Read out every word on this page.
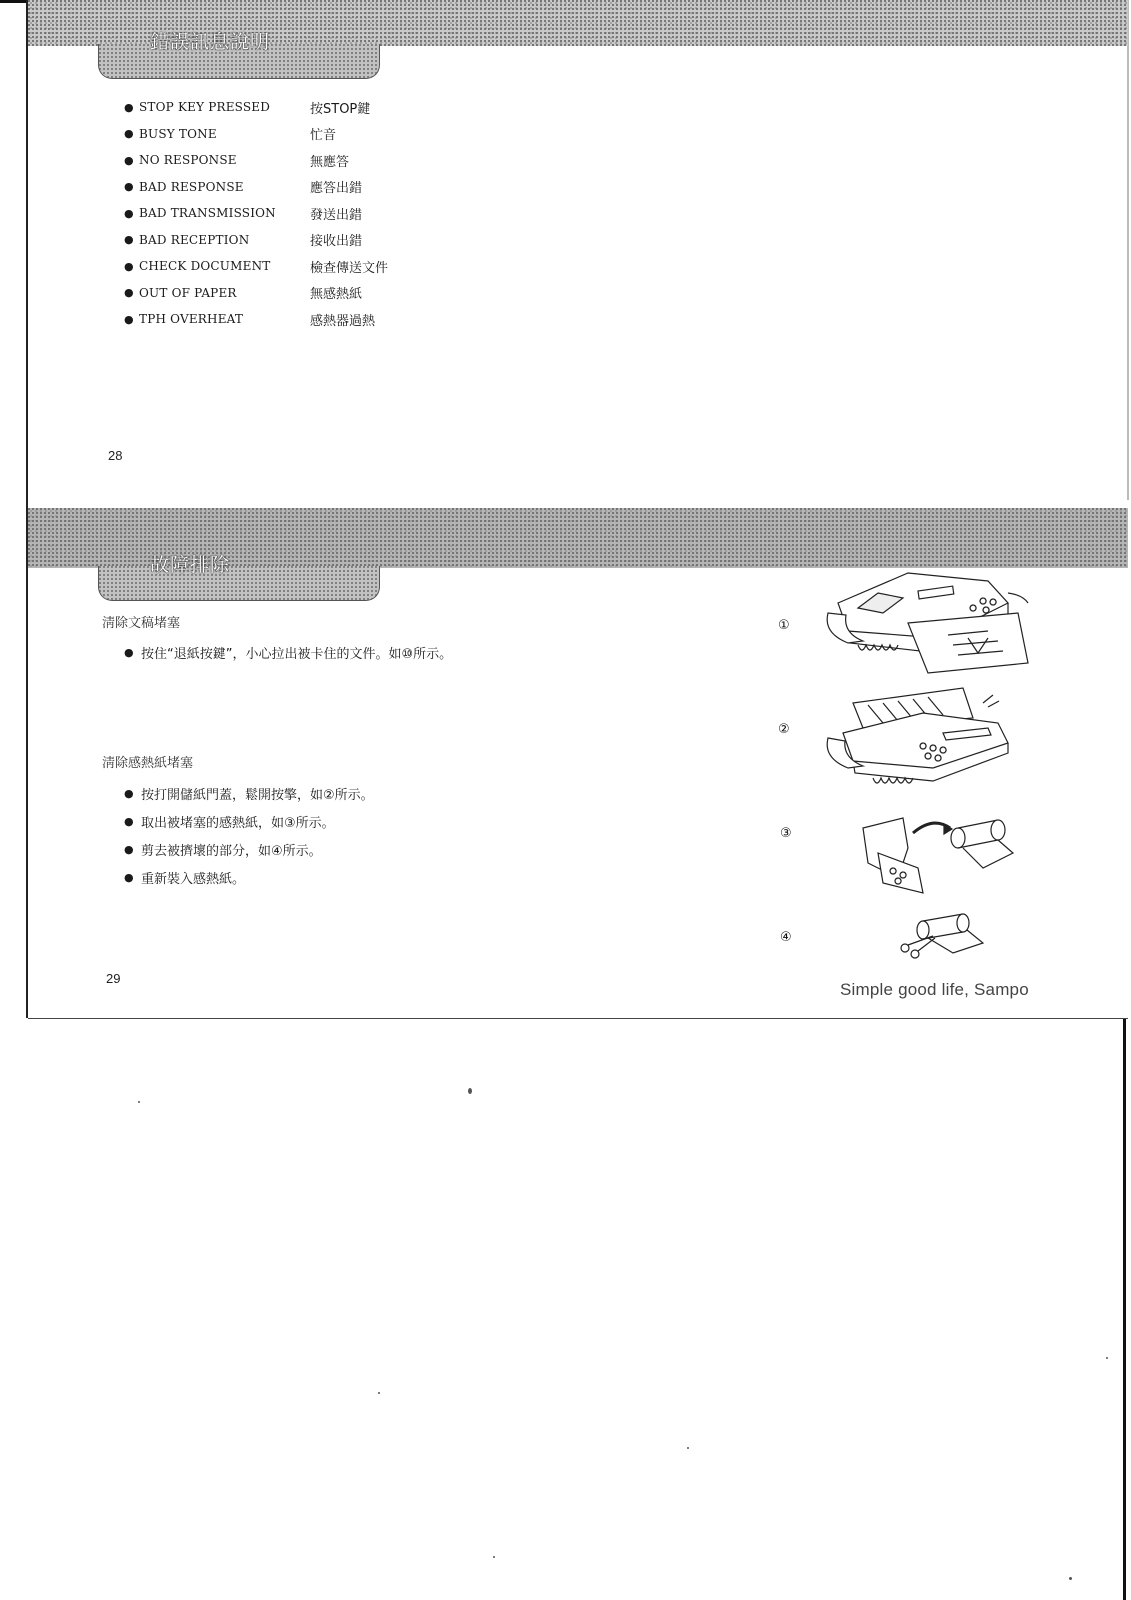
錯誤訊息說明
● STOP KEY PRESSED	按STOP鍵
● BUSY TONE	忙音
● NO RESPONSE	無應答
● BAD RESPONSE	應答出錯
● BAD TRANSMISSION	發送出錯
● BAD RECEPTION	接收出錯
● CHECK DOCUMENT	檢查傳送文件
● OUT OF PAPER	無感熱紙
● TPH OVERHEAT	感熱器過熱
28
故障排除
淸除文稿堵塞
● 按住“退紙按鍵”，小心拉出被卡住的文件。如⑩所示。
淸除感熱紙堵塞
● 按打開儲紙門蓋，鬆開按擎，如②所示。
● 取出被堵塞的感熱紙，如③所示。
● 剪去被擠壞的部分，如④所示。
● 重新裝入感熱紙。
①
②
③
④
Simple good life, Sampo
29
